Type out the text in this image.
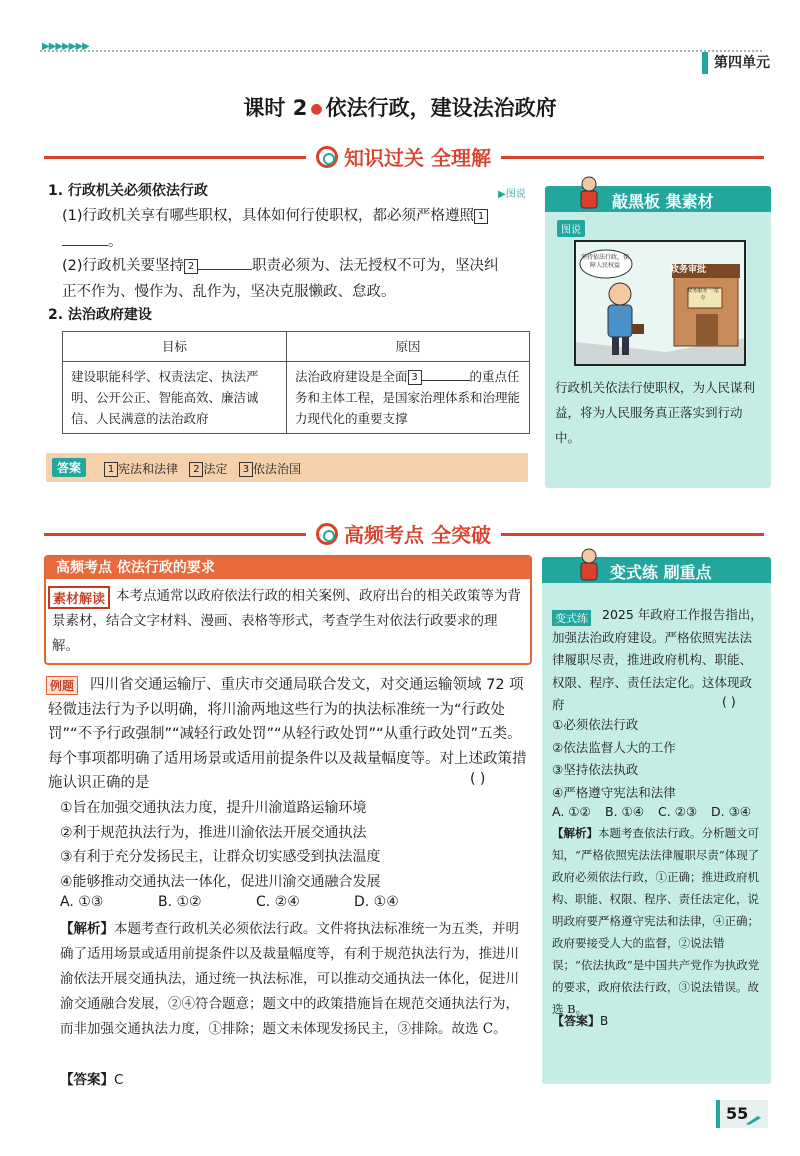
▶▶▶▶▶▶▶
第四单元
课时 2 ● 依法行政，建设法治政府
知识过关 全理解
1. 行政机关必须依法行政	▶图说
(1)行政机关享有哪些职权，具体如何行使职权，都必须严格遵照 1
。
(2)行政机关要坚持 2	职责必须为、法无授权不可为，坚决纠
正不作为、慢作为、乱作为，坚决克服懒政、怠政。
2. 法治政府建设
目标	原因
建设职能科学、权责法定、执法严明、公开公正、智能高效、廉洁诚信、人民满意的法治政府	法治政府建设是全面 3 的重点任务和主体工程，是国家治理体系和治理能力现代化的重要支撑
答案	1 宪法和法律 2 法定 3 依法治国
敲黑板 集素材
图说
坚持依法行政，保障人民权益	政务审批
政务服务 一站办
行政机关依法行使职权，为人民谋利益，将为人民服务真正落实到行动中。
高频考点 全突破
高频考点 依法行政的要求
素材解读 本考点通常以政府依法行政的相关案例、政府出台的相关政策等为背景素材，结合文字材料、漫画、表格等形式，考查学生对依法行政要求的理解。
例题	四川省交通运输厅、重庆市交通局联合发文，对交通运输领域 72 项轻微违法行为予以明确，将川渝两地这些行为的执法标准统一为“行政处罚”“不予行政强制”“减轻行政处罚”“从轻行政处罚”“从重行政处罚”五类。每个事项都明确了适用场景或适用前提条件以及裁量幅度等。对上述政策措施认识正确的是	( )
①旨在加强交通执法力度，提升川渝道路运输环境
②利于规范执法行为，推进川渝依法开展交通执法
③有利于充分发扬民主，让群众切实感受到执法温度
④能够推动交通执法一体化，促进川渝交通融合发展
A. ①③	B. ①②	C. ②④	D. ①④
【解析】本题考查行政机关必须依法行政。文件将执法标准统一为五类，并明确了适用场景或适用前提条件以及裁量幅度等，有利于规范执法行为，推进川渝依法开展交通执法，通过统一执法标准，可以推动交通执法一体化，促进川渝交通融合发展，②④符合题意；题文中的政策措施旨在规范交通执法行为，而非加强交通执法力度，①排除；题文未体现发扬民主，③排除。故选 C。
【答案】C
变式练 刷重点
变式练	2025 年政府工作报告指出，加强法治政府建设。严格依照宪法法律履职尽责，推进政府机构、职能、权限、程序、责任法定化。这体现政府	( )
①必须依法行政
②依法监督人大的工作
③坚持依法执政
④严格遵守宪法和法律
A. ①②	B. ①④	C. ②③	D. ③④
【解析】本题考查依法行政。分析题文可知，“严格依照宪法法律履职尽责”体现了政府必须依法行政，①正确；推进政府机构、职能、权限、程序、责任法定化，说明政府要严格遵守宪法和法律，④正确；政府要接受人大的监督，②说法错误；“依法执政”是中国共产党作为执政党的要求，政府依法行政，③说法错误。故选 B。
【答案】B
55
